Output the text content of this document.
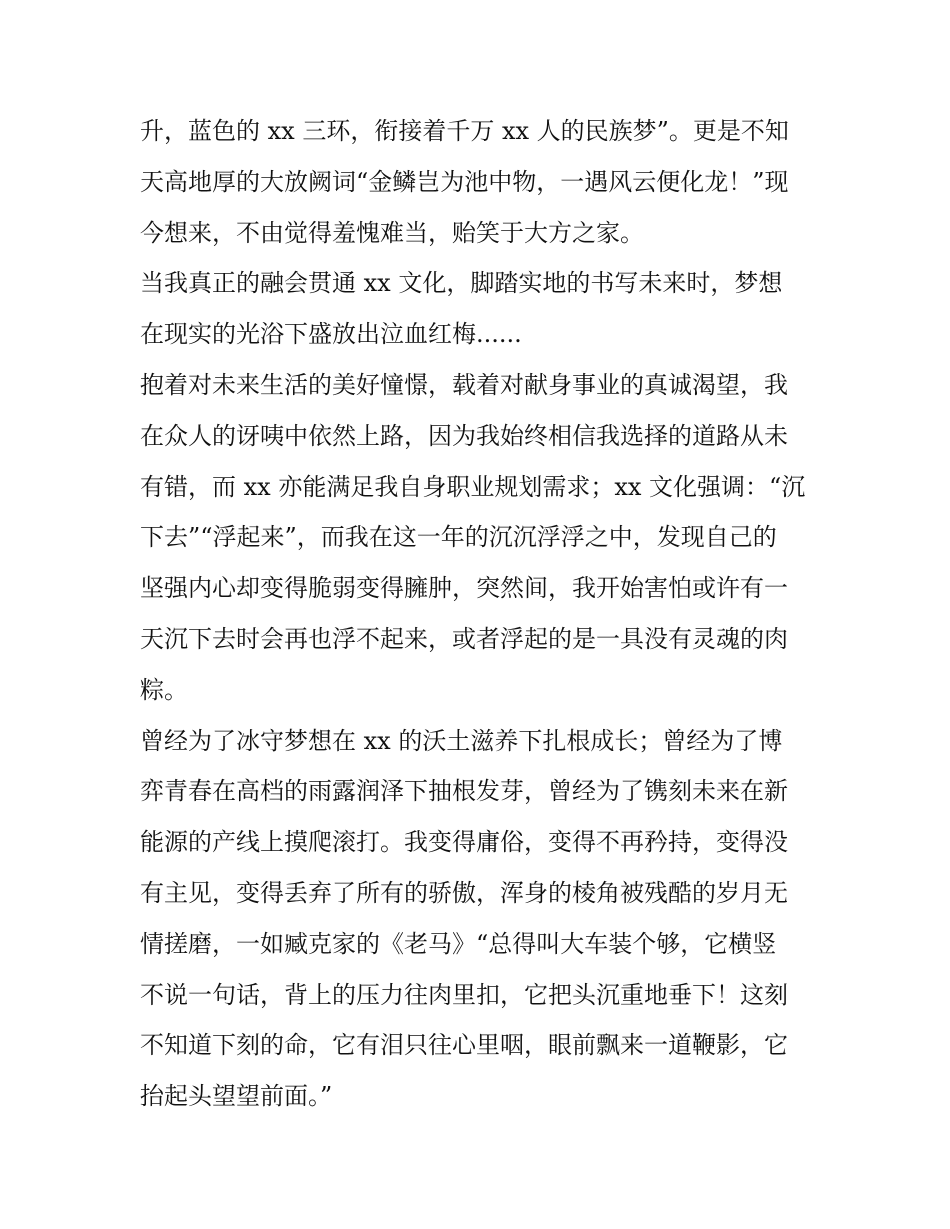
升，蓝色的 xx 三环，衔接着千万 xx 人的民族梦”。更是不知
天高地厚的大放阙词“金鳞岂为池中物，一遇风云便化龙！”现
今想来，不由觉得羞愧难当，贻笑于大方之家。

当我真正的融会贯通 xx 文化，脚踏实地的书写未来时，梦想
在现实的光浴下盛放出泣血红梅......

抱着对未来生活的美好憧憬，载着对献身事业的真诚渴望，我
在众人的讶咦中依然上路，因为我始终相信我选择的道路从未
有错，而 xx 亦能满足我自身职业规划需求；xx 文化强调：“沉
下去”“浮起来”，而我在这一年的沉沉浮浮之中，发现自己的
坚强内心却变得脆弱变得臃肿，突然间，我开始害怕或许有一
天沉下去时会再也浮不起来，或者浮起的是一具没有灵魂的肉
粽。

曾经为了冰守梦想在 xx 的沃土滋养下扎根成长；曾经为了博
弈青春在高档的雨露润泽下抽根发芽，曾经为了镌刻未来在新
能源的产线上摸爬滚打。我变得庸俗，变得不再矜持，变得没
有主见，变得丢弃了所有的骄傲，浑身的棱角被残酷的岁月无
情搓磨，一如臧克家的《老马》“总得叫大车装个够，它横竖
不说一句话，背上的压力往肉里扣，它把头沉重地垂下！这刻
不知道下刻的命，它有泪只往心里咽，眼前飘来一道鞭影，它
抬起头望望前面。”
